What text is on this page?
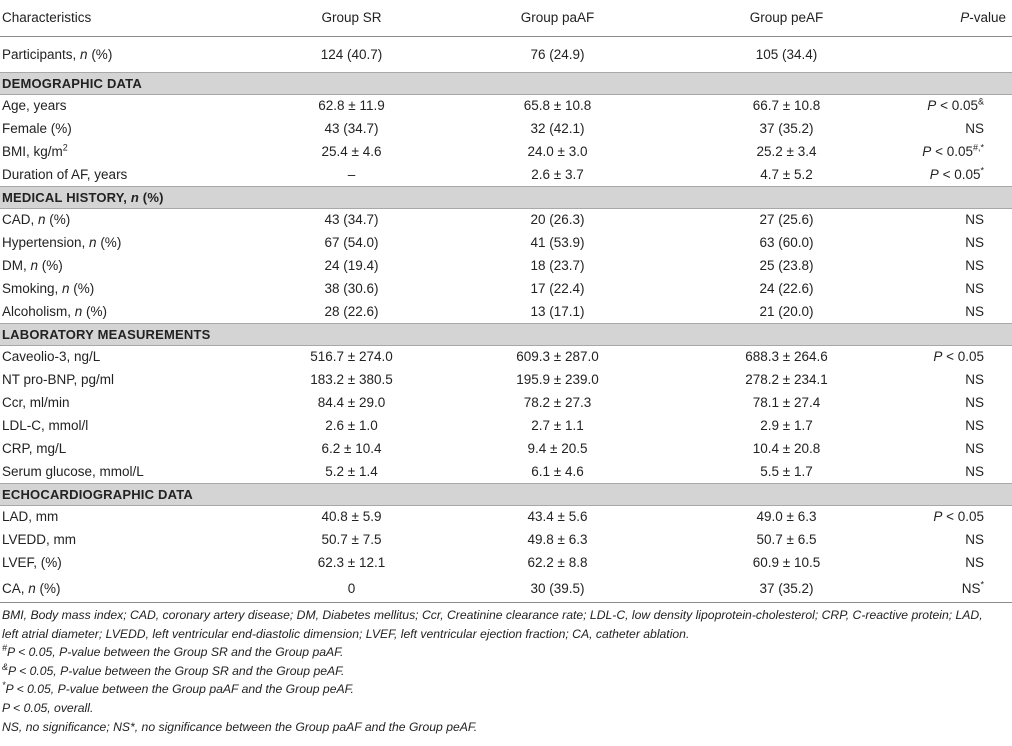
Characteristics	Group SR	Group paAF	Group peAF	P-value
Participants, n (%)	124 (40.7)	76 (24.9)	105 (34.4)	
DEMOGRAPHIC DATA				
Age, years	62.8 ± 11.9	65.8 ± 10.8	66.7 ± 10.8	P < 0.05&
Female (%)	43 (34.7)	32 (42.1)	37 (35.2)	NS
BMI, $kg/m^2$	25.4 ± 4.6	24.0 ± 3.0	25.2 ± 3.4	P < 0.05#,*
Duration of AF, years	–	2.6 ± 3.7	4.7 ± 5.2	P < 0.05*
MEDICAL HISTORY, n (%)				
CAD, n (%)	43 (34.7)	20 (26.3)	27 (25.6)	NS
Hypertension, n (%)	67 (54.0)	41 (53.9)	63 (60.0)	NS
DM, n (%)	24 (19.4)	18 (23.7)	25 (23.8)	NS
Smoking, n (%)	38 (30.6)	17 (22.4)	24 (22.6)	NS
Alcoholism, n (%)	28 (22.6)	13 (17.1)	21 (20.0)	NS
LABORATORY MEASUREMENTS				
Caveolio-3, ng/L	516.7 ± 274.0	609.3 ± 287.0	688.3 ± 264.6	P < 0.05
NT pro-BNP, pg/ml	183.2 ± 380.5	195.9 ± 239.0	278.2 ± 234.1	NS
Ccr, ml/min	84.4 ± 29.0	78.2 ± 27.3	78.1 ± 27.4	NS
LDL-C, mmol/l	2.6 ± 1.0	2.7 ± 1.1	2.9 ± 1.7	NS
CRP, mg/L	6.2 ± 10.4	9.4 ± 20.5	10.4 ± 20.8	NS
Serum glucose, mmol/L	5.2 ± 1.4	6.1 ± 4.6	5.5 ± 1.7	NS
ECHOCARDIOGRAPHIC DATA				
LAD, mm	40.8 ± 5.9	43.4 ± 5.6	49.0 ± 6.3	P < 0.05
LVEDD, mm	50.7 ± 7.5	49.8 ± 6.3	50.7 ± 6.5	NS
LVEF, (%)	62.3 ± 12.1	62.2 ± 8.8	60.9 ± 10.5	NS
CA, n (%)	0	30 (39.5)	37 (35.2)	NS*

BMI, Body mass index; CAD, coronary artery disease; DM, Diabetes mellitus; Ccr, Creatinine clearance rate; LDL-C, low density lipoprotein-cholesterol; CRP, C-reactive protein; LAD,

left atrial diameter; LVEDD, left ventricular end-diastolic dimension; LVEF, left ventricular ejection fraction; CA, catheter ablation.

#P < 0.05, P-value between the Group SR and the Group paAF.

&P < 0.05, P-value between the Group SR and the Group peAF.

*P < 0.05, P-value between the Group paAF and the Group peAF.

P < 0.05, overall.

NS, no significance; NS*, no significance between the Group paAF and the Group peAF.
